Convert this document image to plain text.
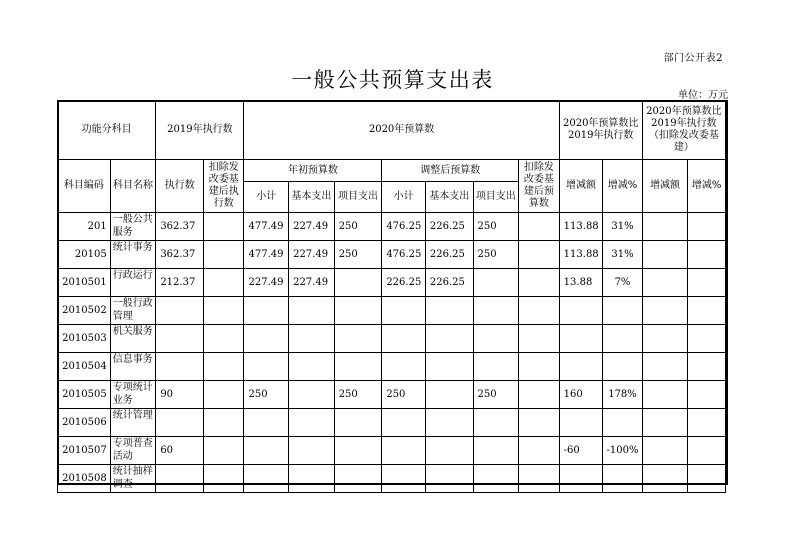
部门公开表2
一般公共预算支出表
单位：万元
功能分科目		2019年执行数		2020年预算数							2020年预算数比2019年执行数		2020年预算数比2019年执行数（扣除发改委基建）	
科目编码	科目名称	执行数	扣除发改委基建后执行数	年初预算数			调整后预算数			扣除发改委基建后预算数	增减额	增减%	增减额	增减%
				小计	基本支出	项目支出	小计	基本支出	项目支出					
201	一般公共服务	362.37		477.49	227.49	250	476.25	226.25	250		113.88	31%		
20105	统计事务	362.37		477.49	227.49	250	476.25	226.25	250		113.88	31%		
2010501	行政运行	212.37		227.49	227.49		226.25	226.25			13.88	7%		
2010502	一般行政管理													

2010503	机关服务													

2010504	信息事务													

2010505	专项统计业务	90		250		250	250		250		160	178%		
2010506	统计管理													

2010507	专项普查活动	60									-60	-100%		
2010508	统计抽样调查													
